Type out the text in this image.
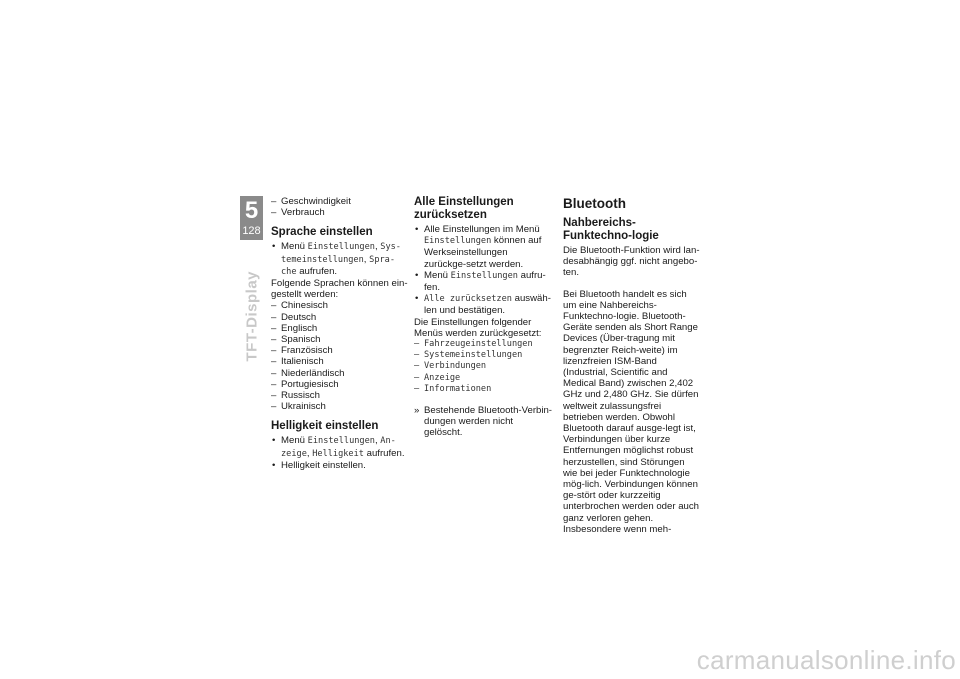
5
128
TFT-Display
– Geschwindigkeit
– Verbrauch
Sprache einstellen
• Menü Einstellungen, Sys-temeinstellungen, Spra-che aufrufen.

Folgende Sprachen können ein-gestellt werden:

– Chinesisch
– Deutsch
– Englisch
– Spanisch
– Französisch
– Italienisch
– Niederländisch
– Portugiesisch
– Russisch
– Ukrainisch
Helligkeit einstellen
• Menü Einstellungen, An-zeige, Helligkeit aufrufen.
• Helligkeit einstellen.
Alle Einstellungen zurücksetzen
• Alle Einstellungen im Menü Einstellungen können auf Werkseinstellungen zurückge-setzt werden.
• Menü Einstellungen aufru-fen.
• Alle zurücksetzen auswäh-len und bestätigen.

Die Einstellungen folgender Menüs werden zurückgesetzt:

– Fahrzeugeinstellungen
– Systemeinstellungen
– Verbindungen
– Anzeige
– Informationen
» Bestehende Bluetooth-Verbin-dungen werden nicht gelöscht.
Bluetooth
Nahbereichs-Funktechno-logie

Die Bluetooth-Funktion wird lan-desabhängig ggf. nicht angebo-ten.

Bei Bluetooth handelt es sich um eine Nahbereichs-Funktechno-logie. Bluetooth-Geräte senden als Short Range Devices (Über-tragung mit begrenzter Reich-weite) im lizenzfreien ISM-Band (Industrial, Scientific and Medical Band) zwischen 2,402 GHz und 2,480 GHz. Sie dürfen weltweit zulassungsfrei betrieben werden. Obwohl Bluetooth darauf ausge-legt ist, Verbindungen über kurze Entfernungen möglichst robust herzustellen, sind Störungen wie bei jeder Funktechnologie mög-lich. Verbindungen können ge-stört oder kurzzeitig unterbrochen werden oder auch ganz verloren gehen. Insbesondere wenn meh-

carmanualsonline.info
